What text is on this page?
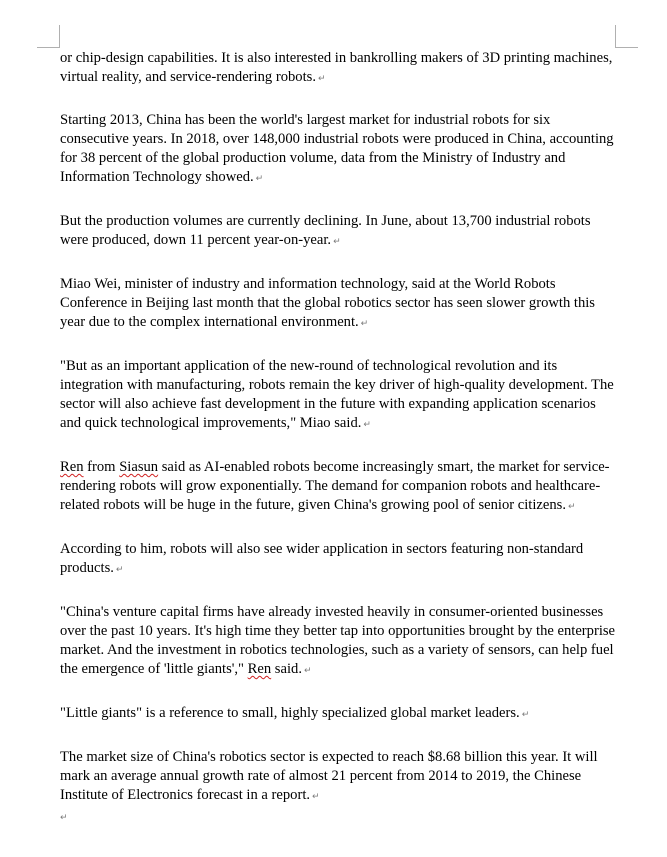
or chip-design capabilities. It is also interested in bankrolling makers of 3D printing machines, virtual reality, and service-rendering robots. ↵

Starting 2013, China has been the world's largest market for industrial robots for six consecutive years. In 2018, over 148,000 industrial robots were produced in China, accounting for 38 percent of the global production volume, data from the Ministry of Industry and Information Technology showed. ↵

But the production volumes are currently declining. In June, about 13,700 industrial robots were produced, down 11 percent year-on-year. ↵

Miao Wei, minister of industry and information technology, said at the World Robots Conference in Beijing last month that the global robotics sector has seen slower growth this year due to the complex international environment. ↵

"But as an important application of the new-round of technological revolution and its integration with manufacturing, robots remain the key driver of high-quality development. The sector will also achieve fast development in the future with expanding application scenarios and quick technological improvements," Miao said. ↵

Ren from Siasun said as AI-enabled robots become increasingly smart, the market for service-rendering robots will grow exponentially. The demand for companion robots and healthcare-related robots will be huge in the future, given China's growing pool of senior citizens. ↵

According to him, robots will also see wider application in sectors featuring non-standard products. ↵

"China's venture capital firms have already invested heavily in consumer-oriented businesses over the past 10 years. It's high time they better tap into opportunities brought by the enterprise market. And the investment in robotics technologies, such as a variety of sensors, can help fuel the emergence of 'little giants'," Ren said. ↵

"Little giants" is a reference to small, highly specialized global market leaders. ↵

The market size of China's robotics sector is expected to reach $8.68 billion this year. It will mark an average annual growth rate of almost 21 percent from 2014 to 2019, the Chinese Institute of Electronics forecast in a report. ↵

↵
